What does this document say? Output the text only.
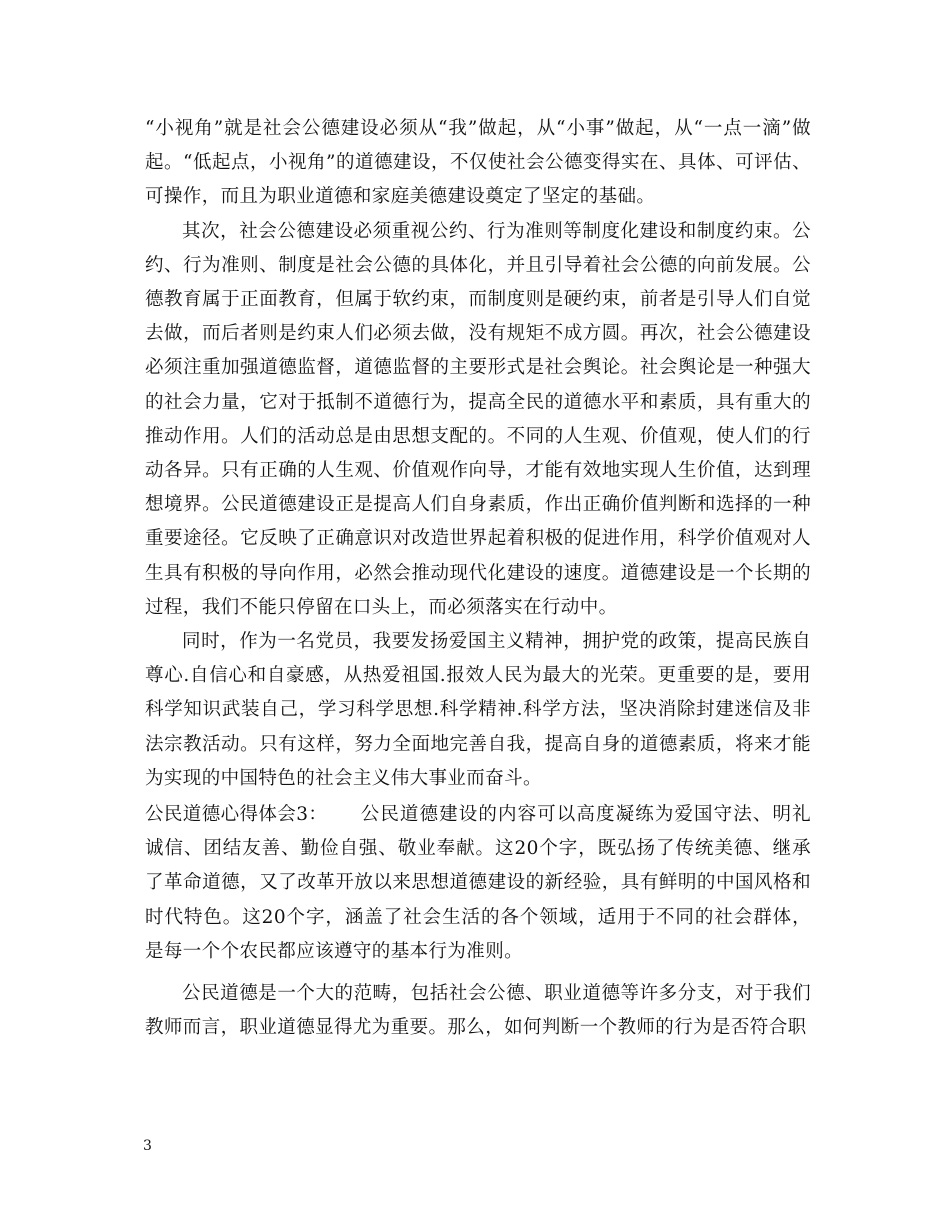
“小视角”就是社会公德建设必须从“我”做起，从“小事”做起，从“一点一滴”做起。“低起点，小视角”的道德建设，不仅使社会公德变得实在、具体、可评估、可操作，而且为职业道德和家庭美德建设奠定了坚定的基础。

其次，社会公德建设必须重视公约、行为准则等制度化建设和制度约束。公约、行为准则、制度是社会公德的具体化，并且引导着社会公德的向前发展。公德教育属于正面教育，但属于软约束，而制度则是硬约束，前者是引导人们自觉去做，而后者则是约束人们必须去做，没有规矩不成方圆。再次，社会公德建设必须注重加强道德监督，道德监督的主要形式是社会舆论。社会舆论是一种强大的社会力量，它对于抵制不道德行为，提高全民的道德水平和素质，具有重大的推动作用。人们的活动总是由思想支配的。不同的人生观、价值观，使人们的行动各异。只有正确的人生观、价值观作向导，才能有效地实现人生价值，达到理想境界。公民道德建设正是提高人们自身素质，作出正确价值判断和选择的一种重要途径。它反映了正确意识对改造世界起着积极的促进作用，科学价值观对人生具有积极的导向作用，必然会推动现代化建设的速度。道德建设是一个长期的过程，我们不能只停留在口头上，而必须落实在行动中。

同时，作为一名党员，我要发扬爱国主义精神，拥护党的政策，提高民族自尊心.自信心和自豪感，从热爱祖国.报效人民为最大的光荣。更重要的是，要用科学知识武装自己，学习科学思想.科学精神.科学方法，坚决消除封建迷信及非法宗教活动。只有这样，努力全面地完善自我，提高自身的道德素质，将来才能为实现的中国特色的社会主义伟大事业而奋斗。

公民道德心得体会3： 公民道德建设的内容可以高度凝练为爱国守法、明礼诚信、团结友善、勤俭自强、敬业奉献。这20个字，既弘扬了传统美德、继承了革命道德，又了改革开放以来思想道德建设的新经验，具有鲜明的中国风格和时代特色。这20个字，涵盖了社会生活的各个领域，适用于不同的社会群体，是每一个个农民都应该遵守的基本行为准则。

公民道德是一个大的范畴，包括社会公德、职业道德等许多分支，对于我们教师而言，职业道德显得尤为重要。那么，如何判断一个教师的行为是否符合职

3
